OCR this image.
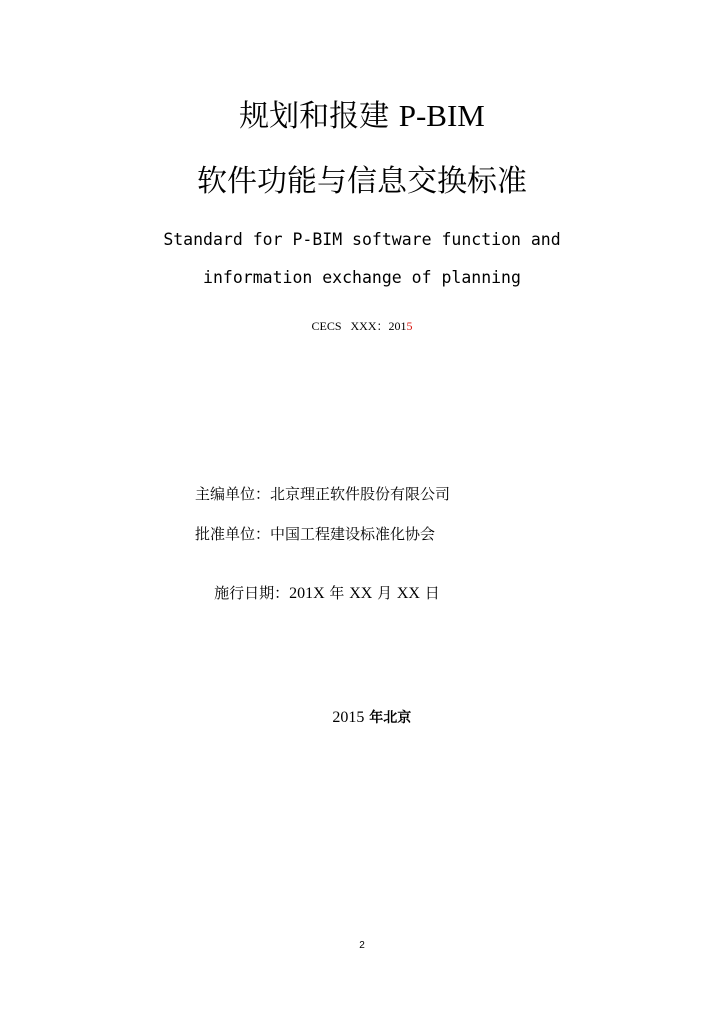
规划和报建 P-BIM
软件功能与信息交换标准
Standard for P-BIM software function and
information exchange of planning
CECS   XXX：2015
主编单位：北京理正软件股份有限公司
批准单位：中国工程建设标准化协会

施行日期：201X 年 XX 月 XX 日

2015 年北京

2
